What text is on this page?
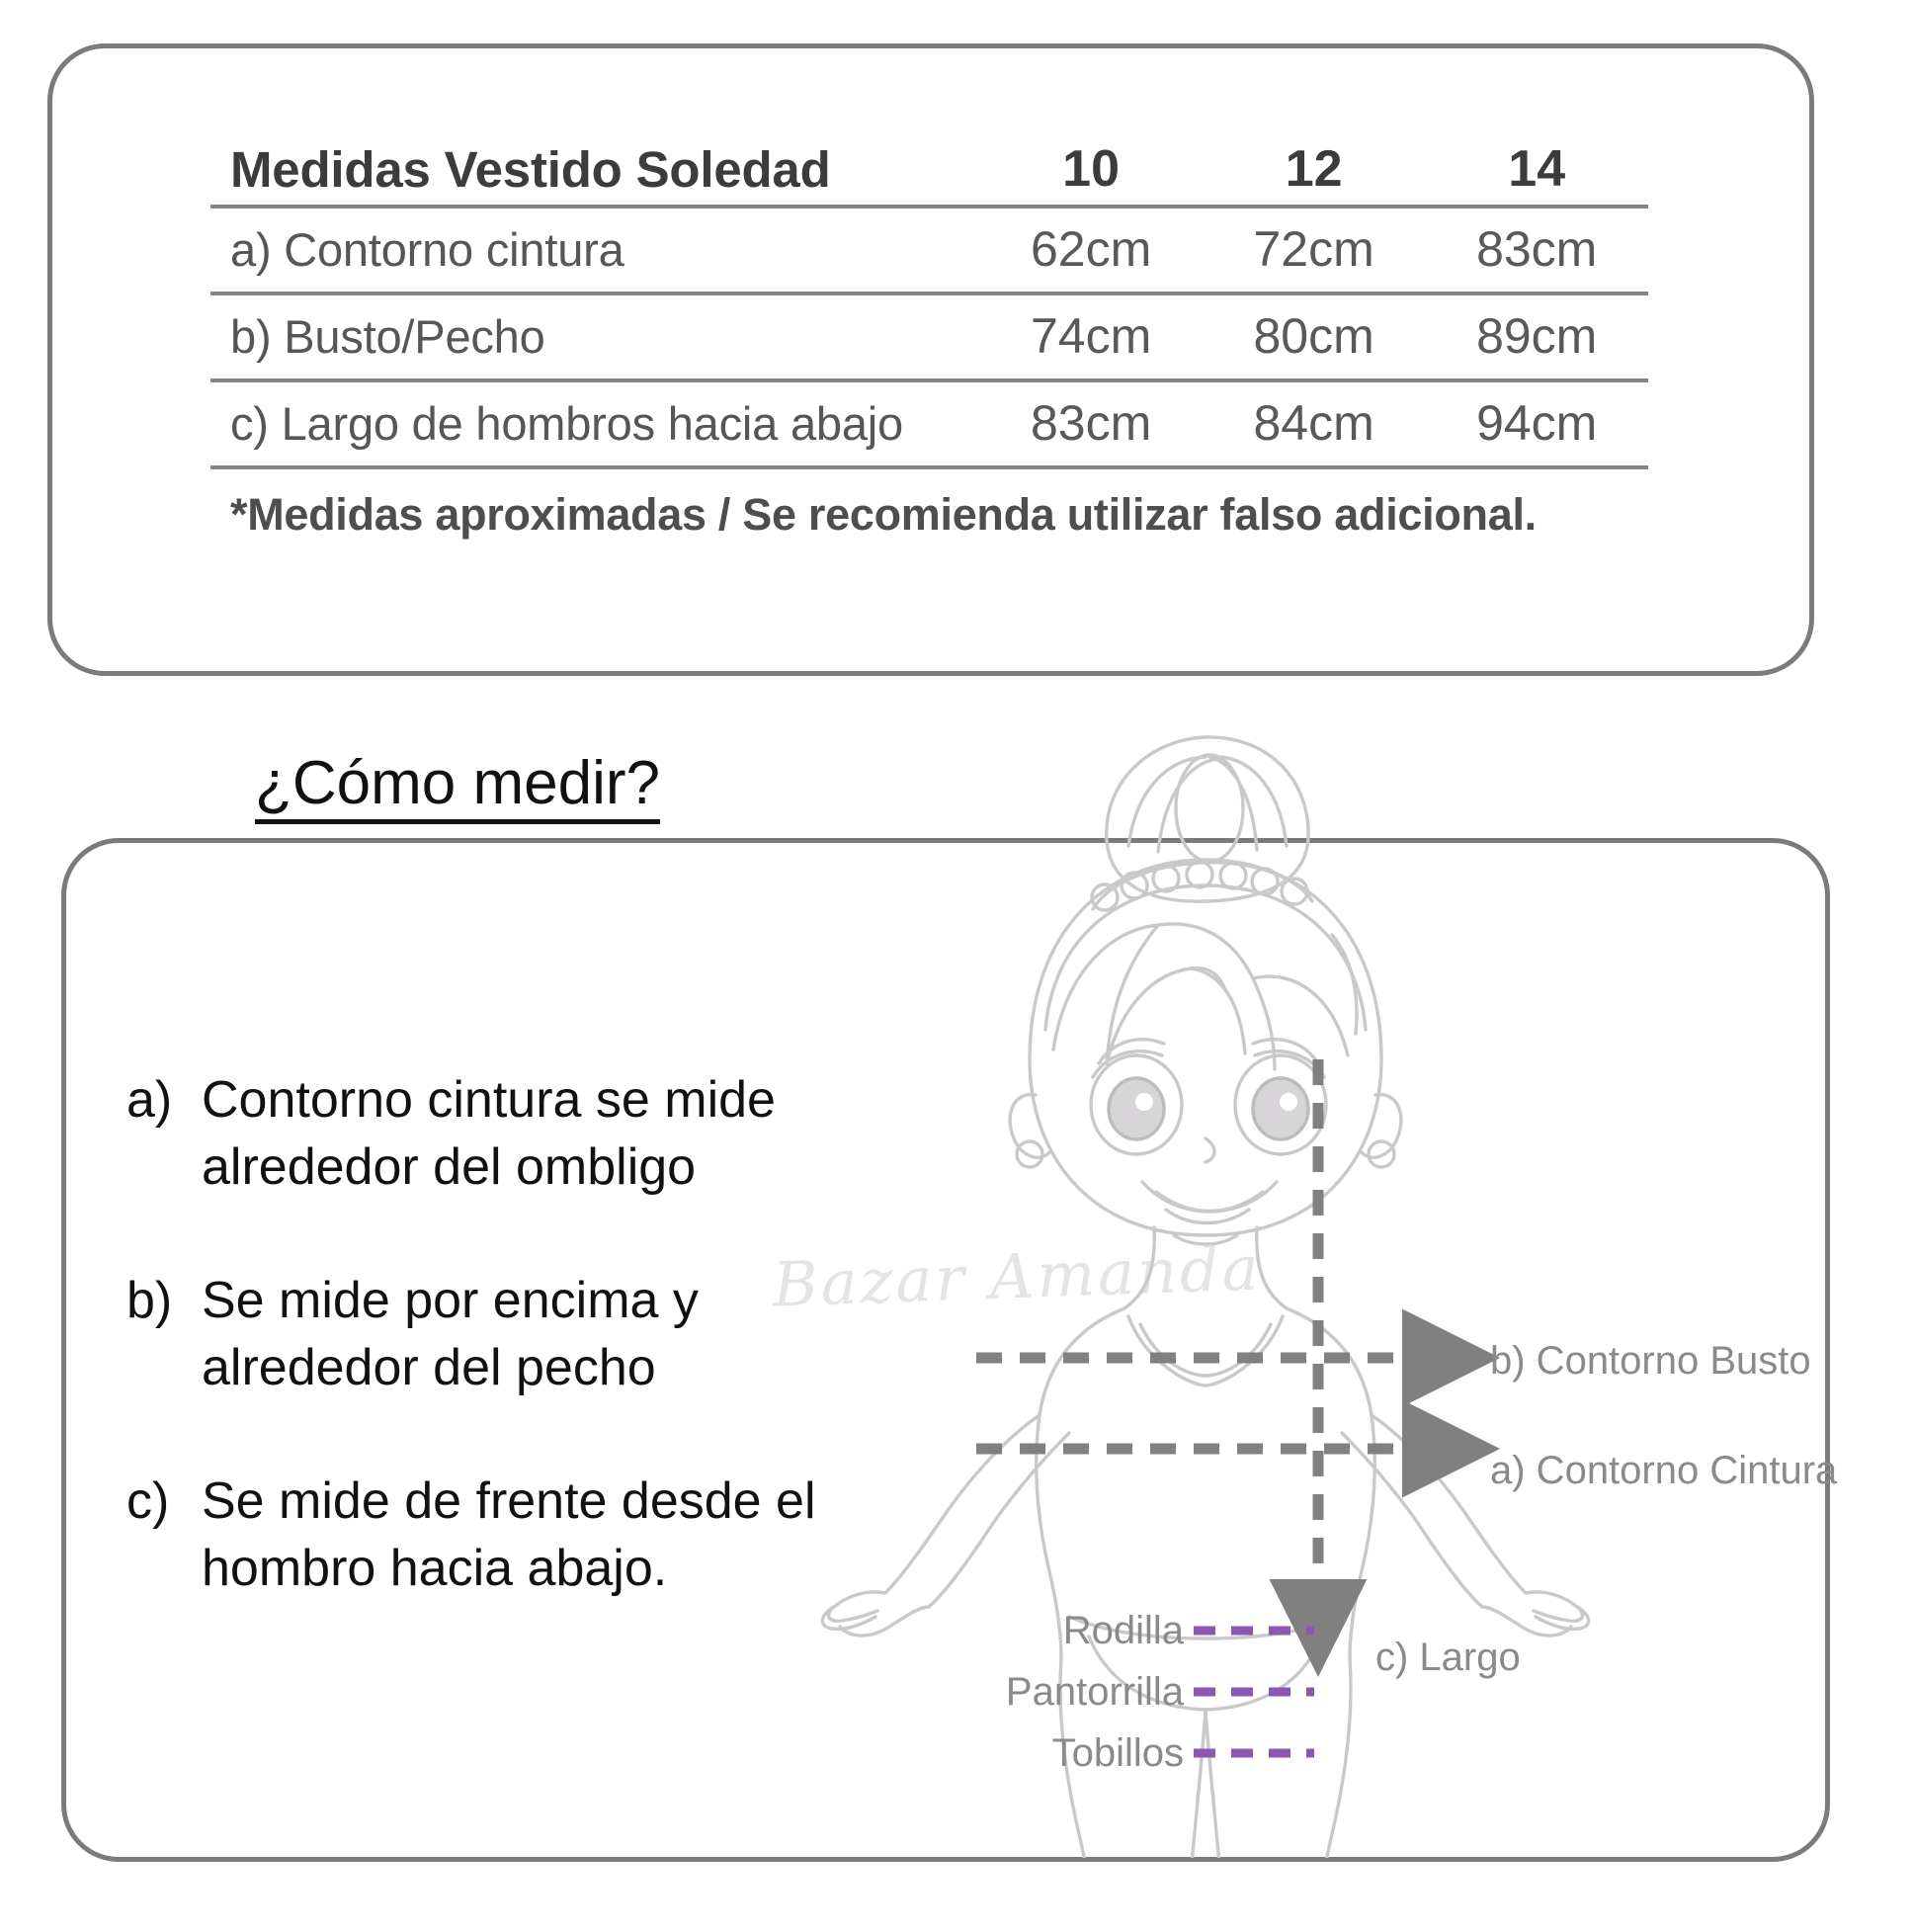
Medidas Vestido Soledad	10	12	14
a) Contorno cintura	62cm	72cm	83cm
b) Busto/Pecho	74cm	80cm	89cm
c) Largo de hombros hacia abajo	83cm	84cm	94cm
*Medidas aproximadas / Se recomienda utilizar falso adicional.			
¿Cómo medir?
a) Contorno cintura se mide alrededor del ombligo
b) Se mide por encima y alrededor del pecho
c) Se mide de frente desde el hombro hacia abajo.
Bazar Amanda
b) Contorno Busto
a) Contorno Cintura
c) Largo
Rodilla
Pantorrilla
Tobillos
